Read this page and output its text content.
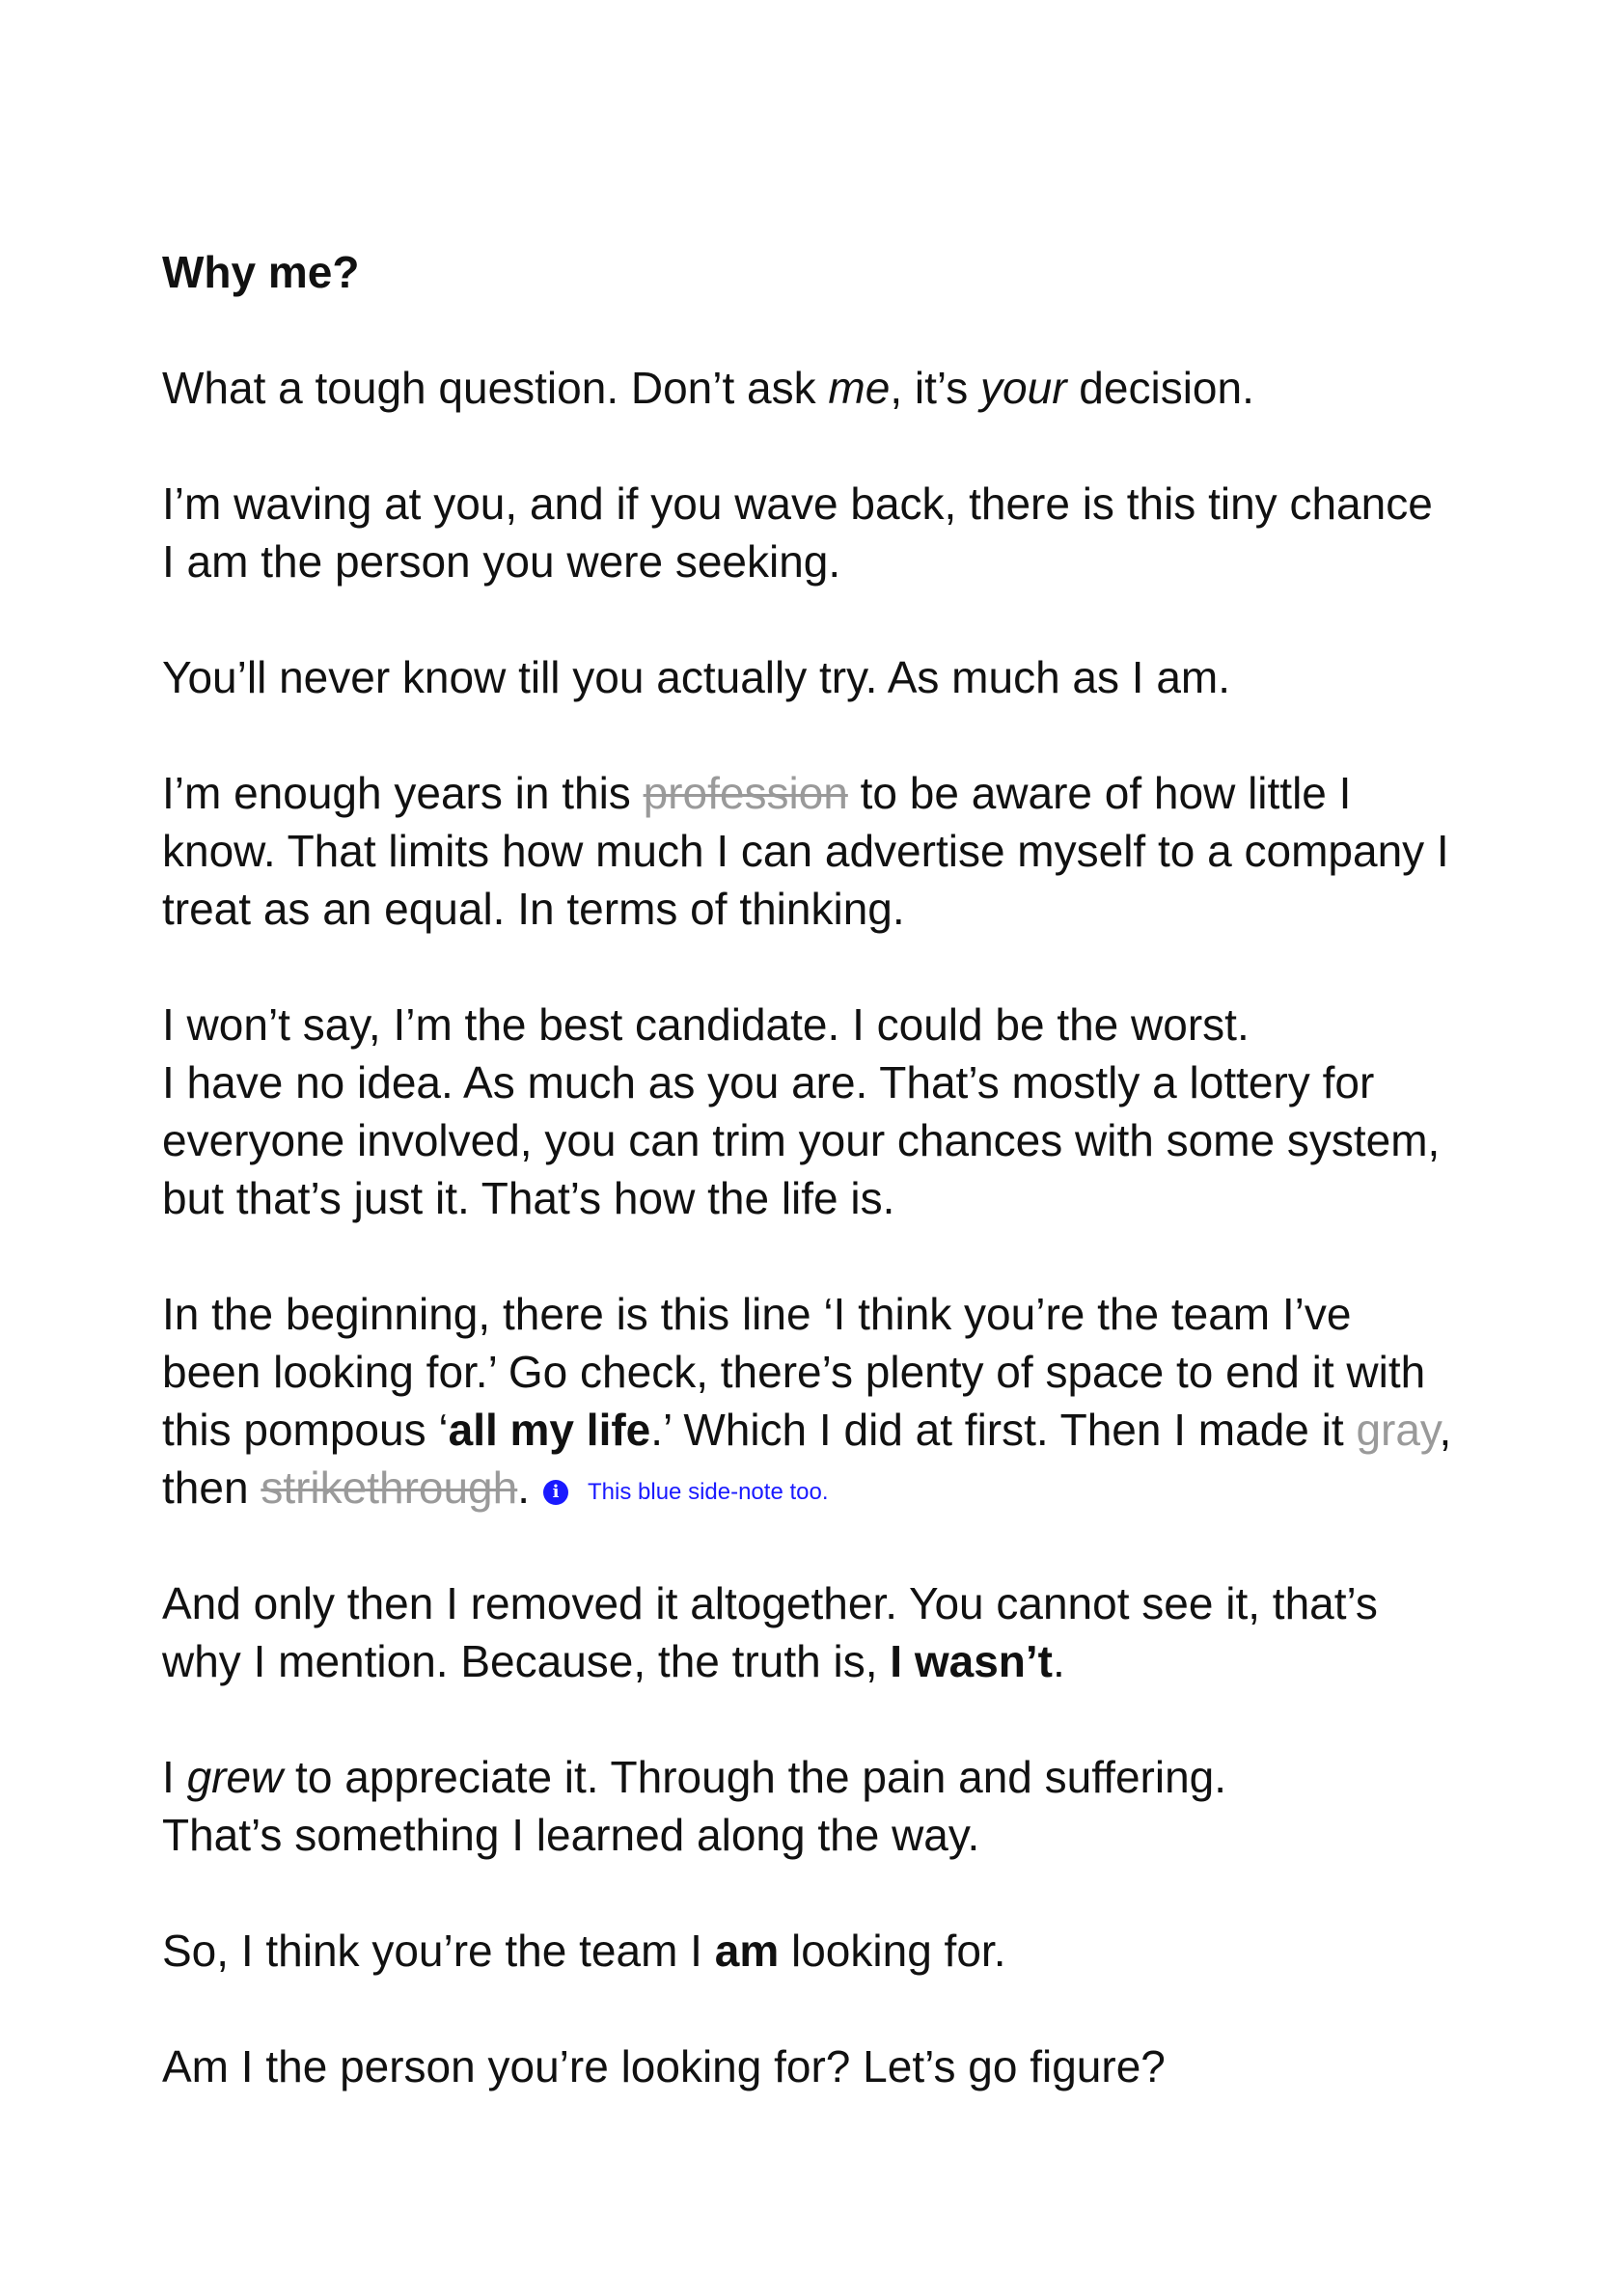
Why me?

What a tough question. Don’t ask me, it’s your decision.

I’m waving at you, and if you wave back, there is this tiny chance I am the person you were seeking.

You’ll never know till you actually try. As much as I am.

I’m enough years in this profession to be aware of how little I know. That limits how much I can advertise myself to a company I treat as an equal. In terms of thinking.

I won’t say, I’m the best candidate. I could be the worst.
I have no idea. As much as you are. That’s mostly a lottery for everyone involved, you can trim your chances with some system, but that’s just it. That’s how the life is.

In the beginning, there is this line ‘I think you’re the team I’ve been looking for.’ Go check, there’s plenty of space to end it with this pompous ‘all my life.’ Which I did at first. Then I made it gray, then strikethrough.	i	This blue side-note too.

And only then I removed it altogether. You cannot see it, that’s why I mention. Because, the truth is, I wasn’t.

I grew to appreciate it. Through the pain and suffering.
That’s something I learned along the way.

So, I think you’re the team I am looking for.

Am I the person you’re looking for? Let’s go figure?
